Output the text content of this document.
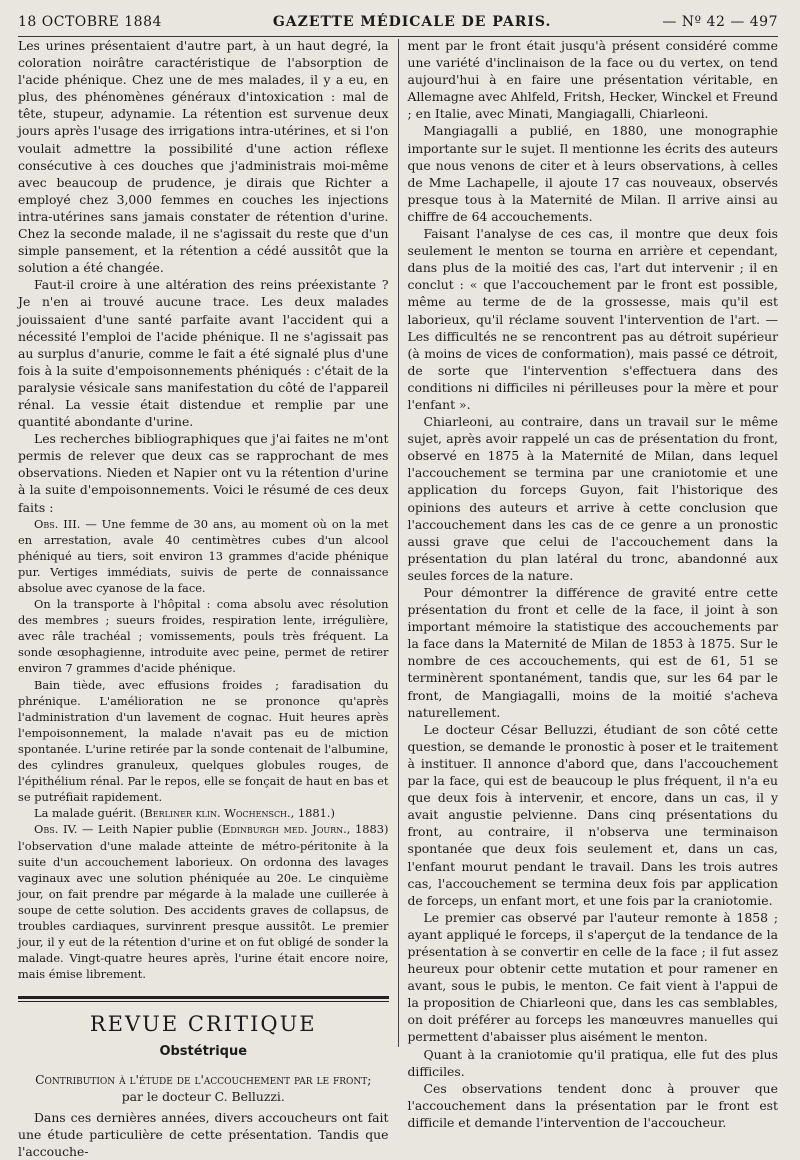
18 OCTOBRE 1884	GAZETTE MÉDICALE DE PARIS.	— Nº 42 — 497

Les urines présentaient d'autre part, à un haut degré, la coloration noirâtre caractéristique de l'absorption de l'acide phénique. Chez une de mes malades, il y a eu, en plus, des phénomènes généraux d'intoxication : mal de tête, stupeur, adynamie. La rétention est survenue deux jours après l'usage des irrigations intra-utérines, et si l'on voulait admettre la possibilité d'une action réflexe consécutive à ces douches que j'administrais moi-même avec beaucoup de prudence, je dirais que Richter a employé chez 3,000 femmes en couches les injections intra-utérines sans jamais constater de rétention d'urine. Chez la seconde malade, il ne s'agissait du reste que d'un simple pansement, et la rétention a cédé aussitôt que la solution a été changée.

Faut-il croire à une altération des reins préexistante ? Je n'en ai trouvé aucune trace. Les deux malades jouissaient d'une santé parfaite avant l'accident qui a nécessité l'emploi de l'acide phénique. Il ne s'agissait pas au surplus d'anurie, comme le fait a été signalé plus d'une fois à la suite d'empoisonnements phéniqués : c'était de la paralysie vésicale sans manifestation du côté de l'appareil rénal. La vessie était distendue et remplie par une quantité abondante d'urine.

Les recherches bibliographiques que j'ai faites ne m'ont permis de relever que deux cas se rapprochant de mes observations. Nieden et Napier ont vu la rétention d'urine à la suite d'empoisonnements. Voici le résumé de ces deux faits :

Obs. III. — Une femme de 30 ans, au moment où on la met en arrestation, avale 40 centimètres cubes d'un alcool phéniqué au tiers, soit environ 13 grammes d'acide phénique pur. Vertiges immédiats, suivis de perte de connaissance absolue avec cyanose de la face.

On la transporte à l'hôpital : coma absolu avec résolution des membres ; sueurs froides, respiration lente, irrégulière, avec râle trachéal ; vomissements, pouls très fréquent. La sonde œsophagienne, introduite avec peine, permet de retirer environ 7 grammes d'acide phénique.

Bain tiède, avec effusions froides ; faradisation du phrénique. L'amélioration ne se prononce qu'après l'administration d'un lavement de cognac. Huit heures après l'empoisonnement, la malade n'avait pas eu de miction spontanée. L'urine retirée par la sonde contenait de l'albumine, des cylindres granuleux, quelques globules rouges, de l'épithélium rénal. Par le repos, elle se fonçait de haut en bas et se putréfiait rapidement.

La malade guérit. (Berliner klin. Wochensch., 1881.)

Obs. IV. — Leith Napier publie (Edinburgh med. Journ., 1883) l'observation d'une malade atteinte de métro-péritonite à la suite d'un accouchement laborieux. On ordonna des lavages vaginaux avec une solution phéniquée au 20e. Le cinquième jour, on fait prendre par mégarde à la malade une cuillerée à soupe de cette solution. Des accidents graves de collapsus, de troubles cardiaques, survinrent presque aussitôt. Le premier jour, il y eut de la rétention d'urine et on fut obligé de sonder la malade. Vingt-quatre heures après, l'urine était encore noire, mais émise librement.

REVUE CRITIQUE
Obstétrique
Contribution à l'étude de l'accouchement par le front;
par le docteur C. Belluzzi.

Dans ces dernières années, divers accoucheurs ont fait une étude particulière de cette présentation. Tandis que l'accouche-

ment par le front était jusqu'à présent considéré comme une variété d'inclinaison de la face ou du vertex, on tend aujourd'hui à en faire une présentation véritable, en Allemagne avec Ahlfeld, Fritsh, Hecker, Winckel et Freund ; en Italie, avec Minati, Mangiagalli, Chiarleoni.

Mangiagalli a publié, en 1880, une monographie importante sur le sujet. Il mentionne les écrits des auteurs que nous venons de citer et à leurs observations, à celles de Mme Lachapelle, il ajoute 17 cas nouveaux, observés presque tous à la Maternité de Milan. Il arrive ainsi au chiffre de 64 accouchements.

Faisant l'analyse de ces cas, il montre que deux fois seulement le menton se tourna en arrière et cependant, dans plus de la moitié des cas, l'art dut intervenir ; il en conclut : « que l'accouchement par le front est possible, même au terme de de la grossesse, mais qu'il est laborieux, qu'il réclame souvent l'intervention de l'art. — Les difficultés ne se rencontrent pas au détroit supérieur (à moins de vices de conformation), mais passé ce détroit, de sorte que l'intervention s'effectuera dans des conditions ni difficiles ni périlleuses pour la mère et pour l'enfant ».

Chiarleoni, au contraire, dans un travail sur le même sujet, après avoir rappelé un cas de présentation du front, observé en 1875 à la Maternité de Milan, dans lequel l'accouchement se termina par une craniotomie et une application du forceps Guyon, fait l'historique des opinions des auteurs et arrive à cette conclusion que l'accouchement dans les cas de ce genre a un pronostic aussi grave que celui de l'accouchement dans la présentation du plan latéral du tronc, abandonné aux seules forces de la nature.

Pour démontrer la différence de gravité entre cette présentation du front et celle de la face, il joint à son important mémoire la statistique des accouchements par la face dans la Maternité de Milan de 1853 à 1875. Sur le nombre de ces accouchements, qui est de 61, 51 se terminèrent spontanément, tandis que, sur les 64 par le front, de Mangiagalli, moins de la moitié s'acheva naturellement.

Le docteur César Belluzzi, étudiant de son côté cette question, se demande le pronostic à poser et le traitement à instituer. Il annonce d'abord que, dans l'accouchement par la face, qui est de beaucoup le plus fréquent, il n'a eu que deux fois à intervenir, et encore, dans un cas, il y avait angustie pelvienne. Dans cinq présentations du front, au contraire, il n'observa une terminaison spontanée que deux fois seulement et, dans un cas, l'enfant mourut pendant le travail. Dans les trois autres cas, l'accouchement se termina deux fois par application de forceps, un enfant mort, et une fois par la craniotomie.

Le premier cas observé par l'auteur remonte à 1858 ; ayant appliqué le forceps, il s'aperçut de la tendance de la présentation à se convertir en celle de la face ; il fut assez heureux pour obtenir cette mutation et pour ramener en avant, sous le pubis, le menton. Ce fait vient à l'appui de la proposition de Chiarleoni que, dans les cas semblables, on doit préférer au forceps les manœuvres manuelles qui permettent d'abaisser plus aisément le menton.

Quant à la craniotomie qu'il pratiqua, elle fut des plus difficiles.

Ces observations tendent donc à prouver que l'accouchement dans la présentation par le front est difficile et demande l'intervention de l'accoucheur.
